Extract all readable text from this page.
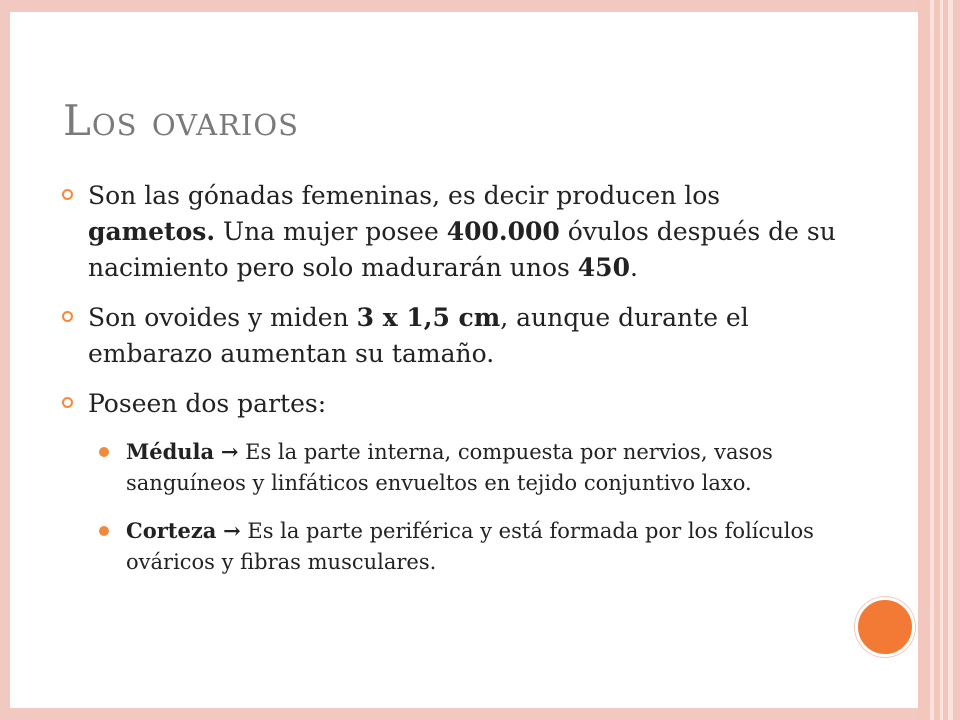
Los ovarios
Son las gónadas femeninas, es decir producen los gametos. Una mujer posee 400.000 óvulos después de su nacimiento pero solo madurarán unos 450.
Son ovoides y miden 3 x 1,5 cm, aunque durante el embarazo aumentan su tamaño.
Poseen dos partes:
Médula → Es la parte interna, compuesta por nervios, vasos sanguíneos y linfáticos envueltos en tejido conjuntivo laxo.
Corteza → Es la parte periférica y está formada por los folículos ováricos y fibras musculares.
